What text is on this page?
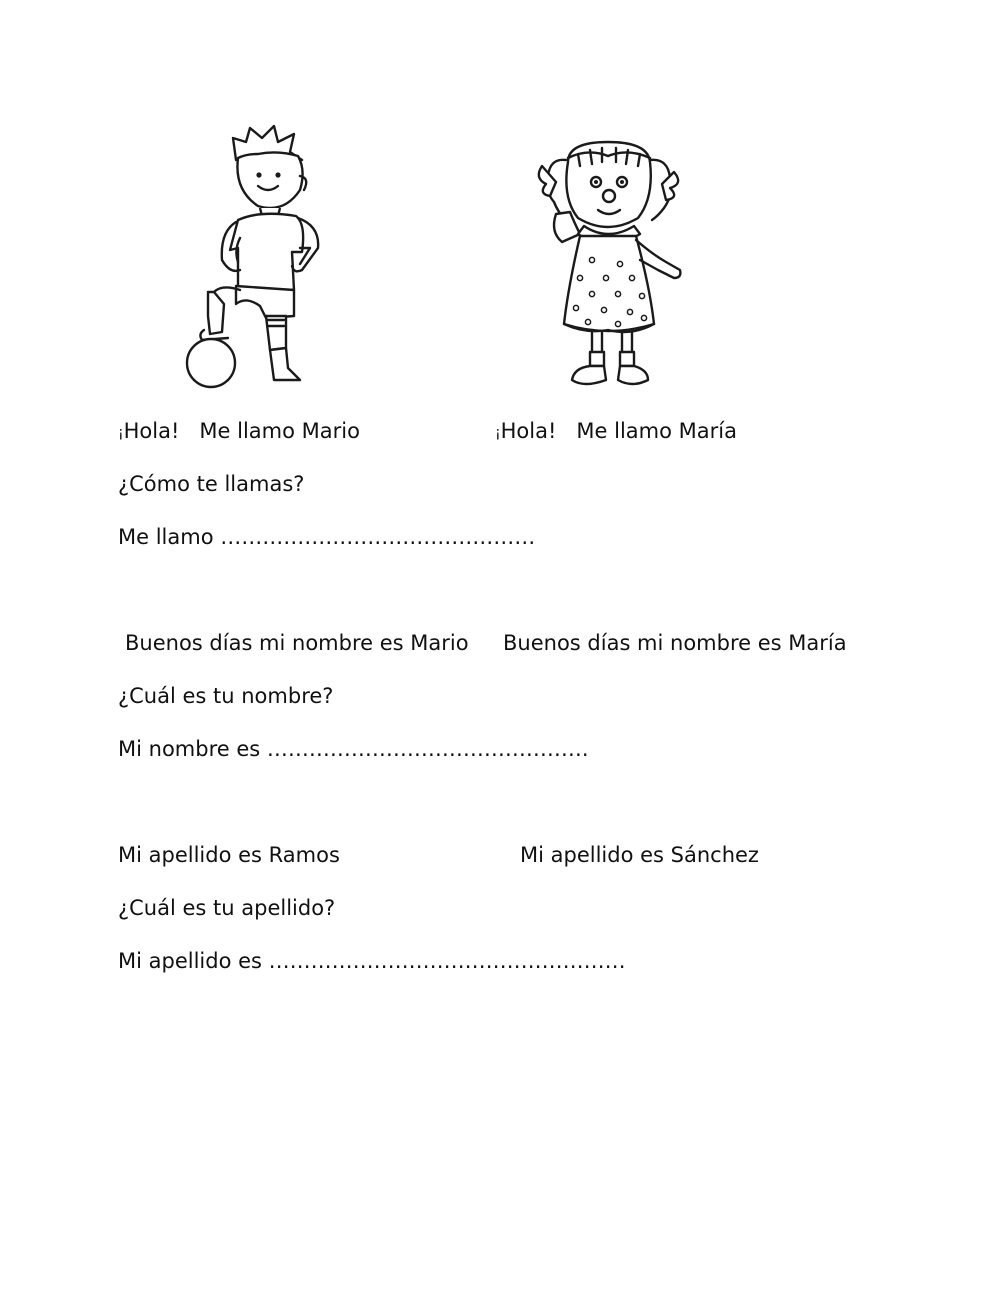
¡Hola!   Me llamo Mario	¡Hola!   Me llamo María
¿Cómo te llamas?
Me llamo ………………………………………
Buenos días mi nombre es Mario Buenos días mi nombre es María
¿Cuál es tu nombre?
Mi nombre es ……………………………………….
Mi apellido es Ramos	Mi apellido es Sánchez
¿Cuál es tu apellido?
Mi apellido es ……………………………………………
